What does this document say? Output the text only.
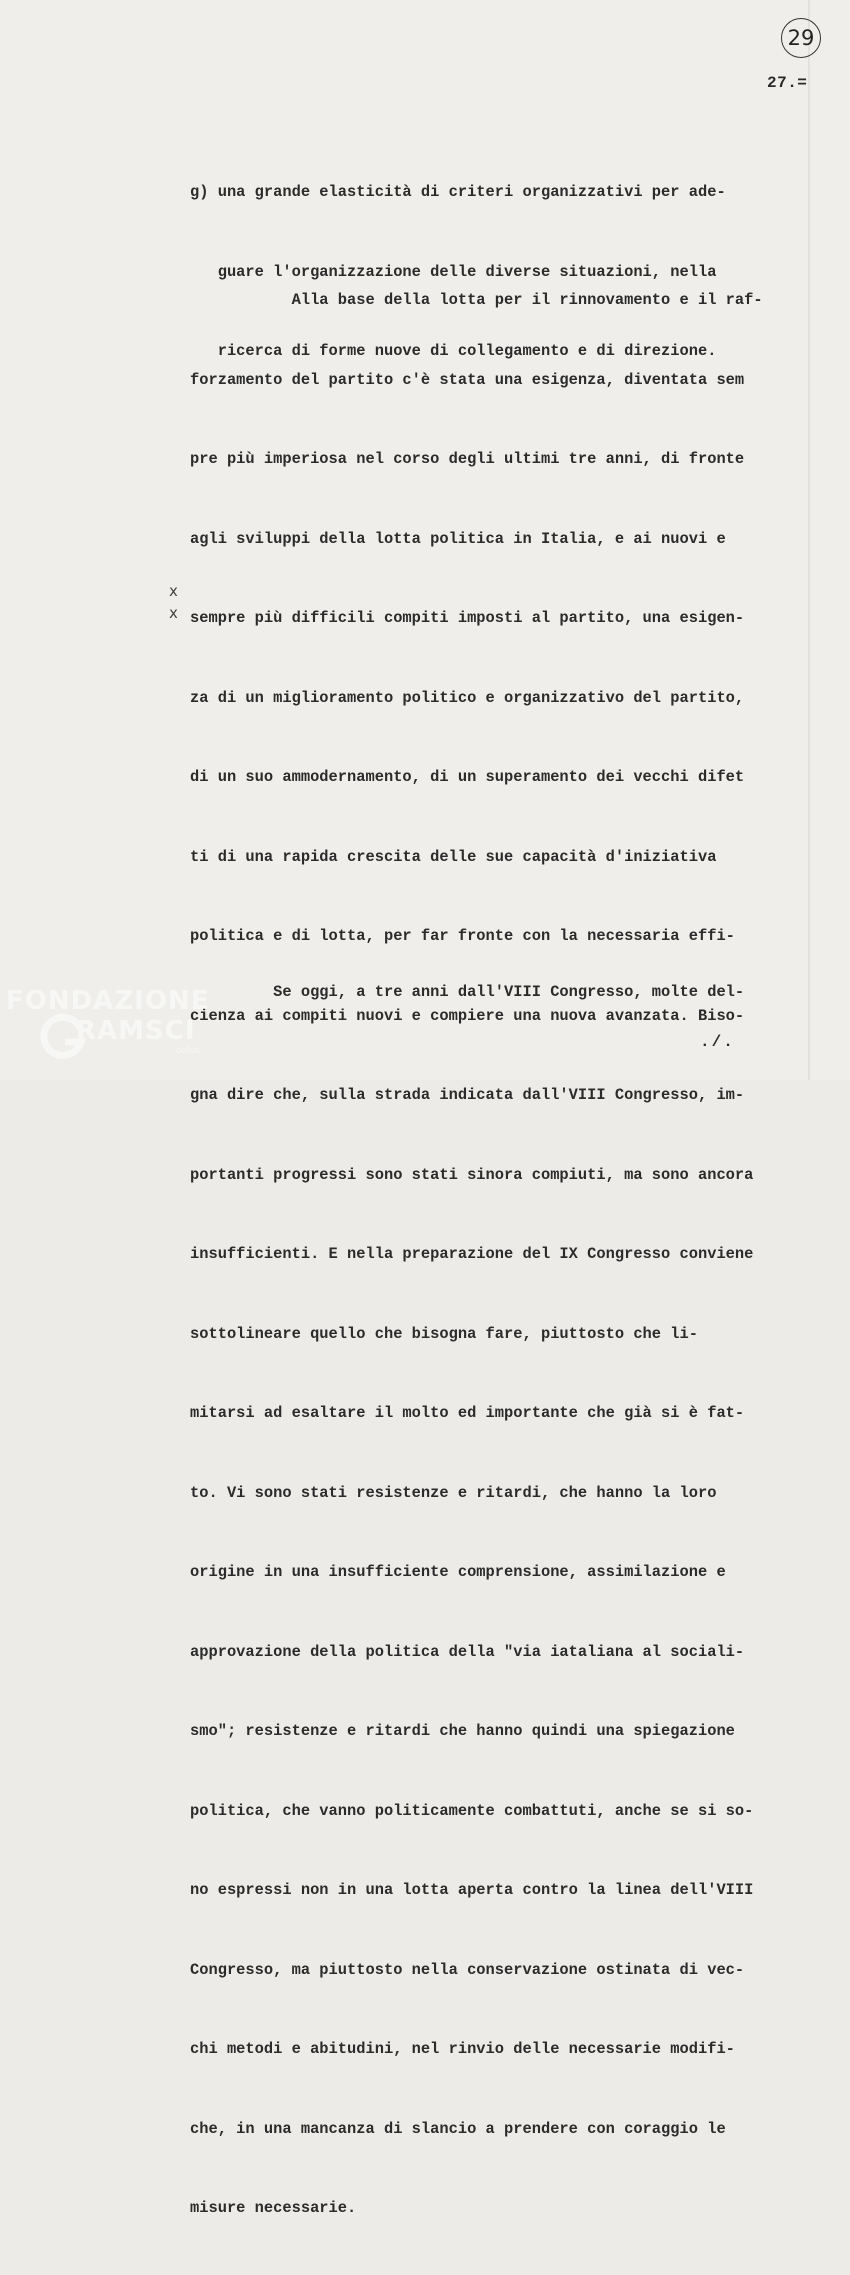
29
27.=

g) una grande elasticità di criteri organizzativi per ade-

guare l'organizzazione delle diverse situazioni, nella

ricerca di forme nuove di collegamento e di direzione.

Alla base della lotta per il rinnovamento e il raf-

forzamento del partito c'è stata una esigenza, diventata sem

pre più imperiosa nel corso degli ultimi tre anni, di fronte

agli sviluppi della lotta politica in Italia, e ai nuovi e

sempre più difficili compiti imposti al partito, una esigen-

za di un miglioramento politico e organizzativo del partito,

di un suo ammodernamento, di un superamento dei vecchi difet

ti di una rapida crescita delle sue capacità d'iniziativa

politica e di lotta, per far fronte con la necessaria effi-

cienza ai compiti nuovi e compiere una nuova avanzata. Biso-

gna dire che, sulla strada indicata dall'VIII Congresso, im-

portanti progressi sono stati sinora compiuti, ma sono ancora

insufficienti. E nella preparazione del IX Congresso conviene

sottolineare quello che bisogna fare, piuttosto che li-

mitarsi ad esaltare il molto ed importante che già si è fat-

to. Vi sono stati resistenze e ritardi, che hanno la loro

origine in una insufficiente comprensione, assimilazione e

approvazione della politica della "via iataliana al sociali-

smo"; resistenze e ritardi che hanno quindi una spiegazione

politica, che vanno politicamente combattuti, anche se si so-

no espressi non in una lotta aperta contro la linea dell'VIII

Congresso, ma piuttosto nella conservazione ostinata di vec-

chi metodi e abitudini, nel rinvio delle necessarie modifi-

che, in una mancanza di slancio a prendere con coraggio le

misure necessarie.

x
x

Se oggi, a tre anni dall'VIII Congresso, molte del-

FONDAZIONE
RAMSCI
onlus	./.
